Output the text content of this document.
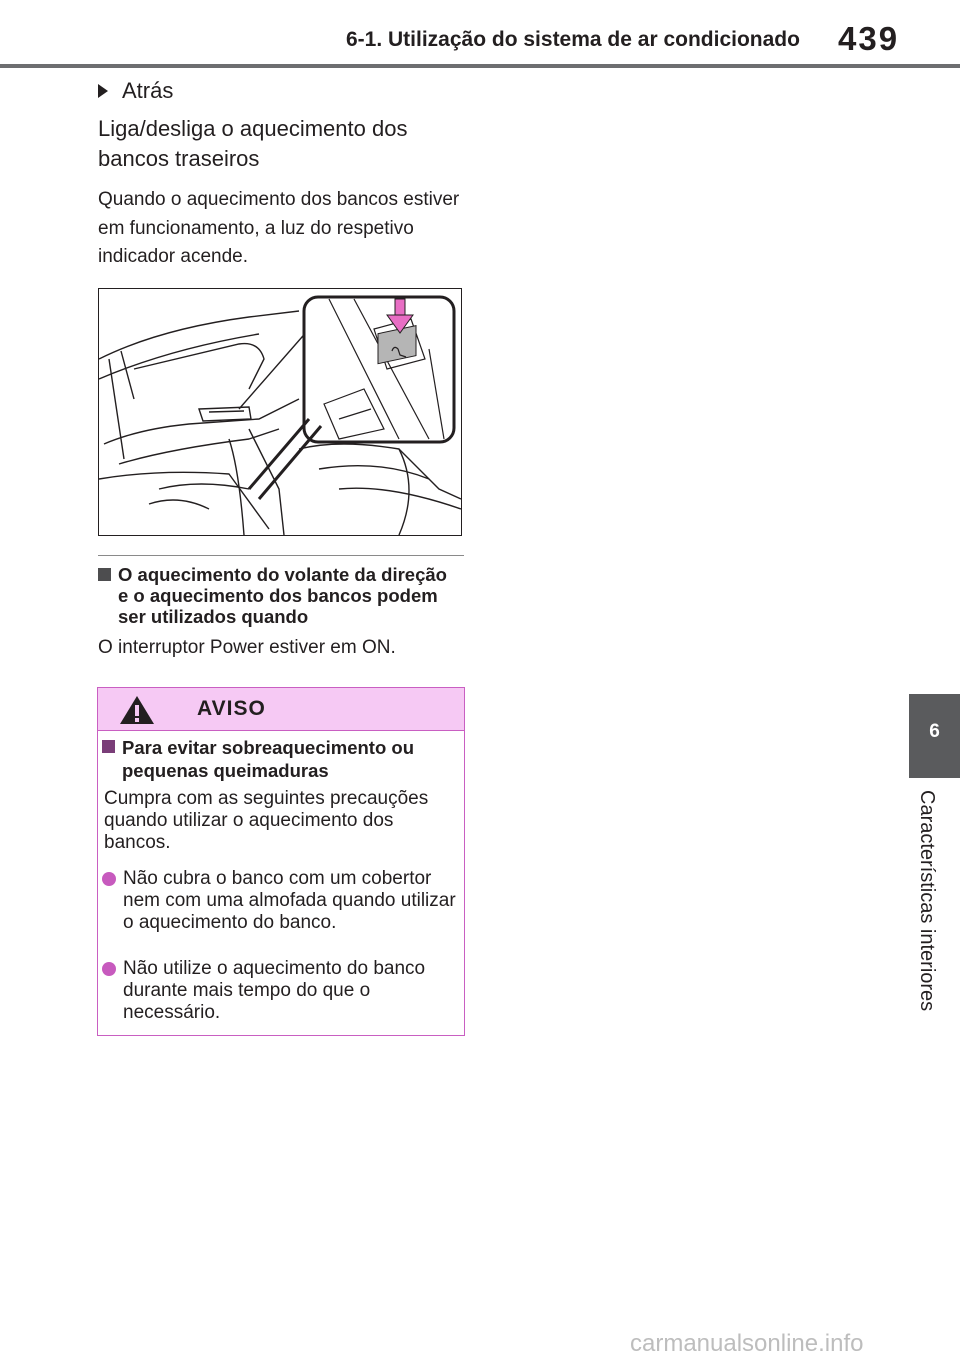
6-1. Utilização do sistema de ar condicionado 439
Atrás
Liga/desliga o aquecimento dos bancos traseiros
Quando o aquecimento dos bancos estiver em funcionamento, a luz do respetivo indicador acende.
O aquecimento do volante da direção e o aquecimento dos bancos podem ser utilizados quando
O interruptor Power estiver em ON.
AVISO
Para evitar sobreaquecimento ou pequenas queimaduras
Cumpra com as seguintes precauções quando utilizar o aquecimento dos bancos.
Não cubra o banco com um cobertor nem com uma almofada quando utilizar o aquecimento do banco.
Não utilize o aquecimento do banco durante mais tempo do que o necessário.
6
Características interiores
carmanualsonline.info
